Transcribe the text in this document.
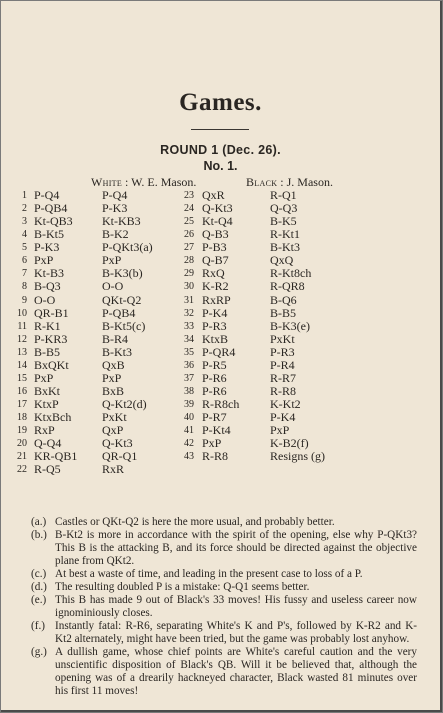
Games.
ROUND 1 (Dec. 26).
No. 1.
White : W. E. Mason.	Black : J. Mason.
1 P-Q4	P-Q4
2 P-QB4	P-K3
3 Kt-QB3 Kt-KB3
4 B-Kt5	B-K2
5 P-K3	P-QKt3(a)
6 PxP	PxP
7 Kt-B3	B-K3(b)
8 B-Q3	O-O
9 O-O	QKt-Q2
10 QR-B1	P-QB4
11 R-K1	B-Kt5(c)
12 P-KR3	B-R4
13 B-B5	B-Kt3
14 BxQKt	QxB
15 PxP	PxP
16 BxKt	BxB
17 KtxP	Q-Kt2(d)
18 KtxBch	PxKt
19 RxP	QxP
20 Q-Q4	Q-Kt3
21 KR-QB1 QR-Q1
22 R-Q5	RxR
23 QxR	R-Q1
24 Q-Kt3	Q-Q3
25 Kt-Q4	B-K5
26 Q-B3	R-Kt1
27 P-B3	B-Kt3
28 Q-B7	QxQ
29 RxQ	R-Kt8ch
30 K-R2	R-QR8
31 RxRP	B-Q6
32 P-K4	B-B5
33 P-R3	B-K3(e)
34 KtxB	PxKt
35 P-QR4	P-R3
36 P-R5	P-R4
37 P-R6	R-R7
38 P-R6	R-R8
39 R-R8ch	K-Kt2
40 P-R7	P-K4
41 P-Kt4	PxP
42 PxP	K-B2(f)
43 R-R8	Resigns (g)
(a.) Castles or QKt-Q2 is here the more usual, and probably better.
(b.) B-Kt2 is more in accordance with the spirit of the opening, else why P-QKt3? This B is the attacking B, and its force should be directed against the objective plane from QKt2.
(c.) At best a waste of time, and leading in the present case to loss of a P.
(d.) The resulting doubled P is a mistake: Q-Q1 seems better.
(e.) This B has made 9 out of Black's 33 moves! His fussy and useless career now ignominiously closes.
(f.) Instantly fatal: R-R6, separating White's K and P's, followed by K-R2 and K-Kt2 alternately, might have been tried, but the game was probably lost anyhow.
(g.) A dullish game, whose chief points are White's careful caution and the very unscientific disposition of Black's QB. Will it be believed that, although the opening was of a drearily hackneyed character, Black wasted 81 minutes over his first 11 moves!
